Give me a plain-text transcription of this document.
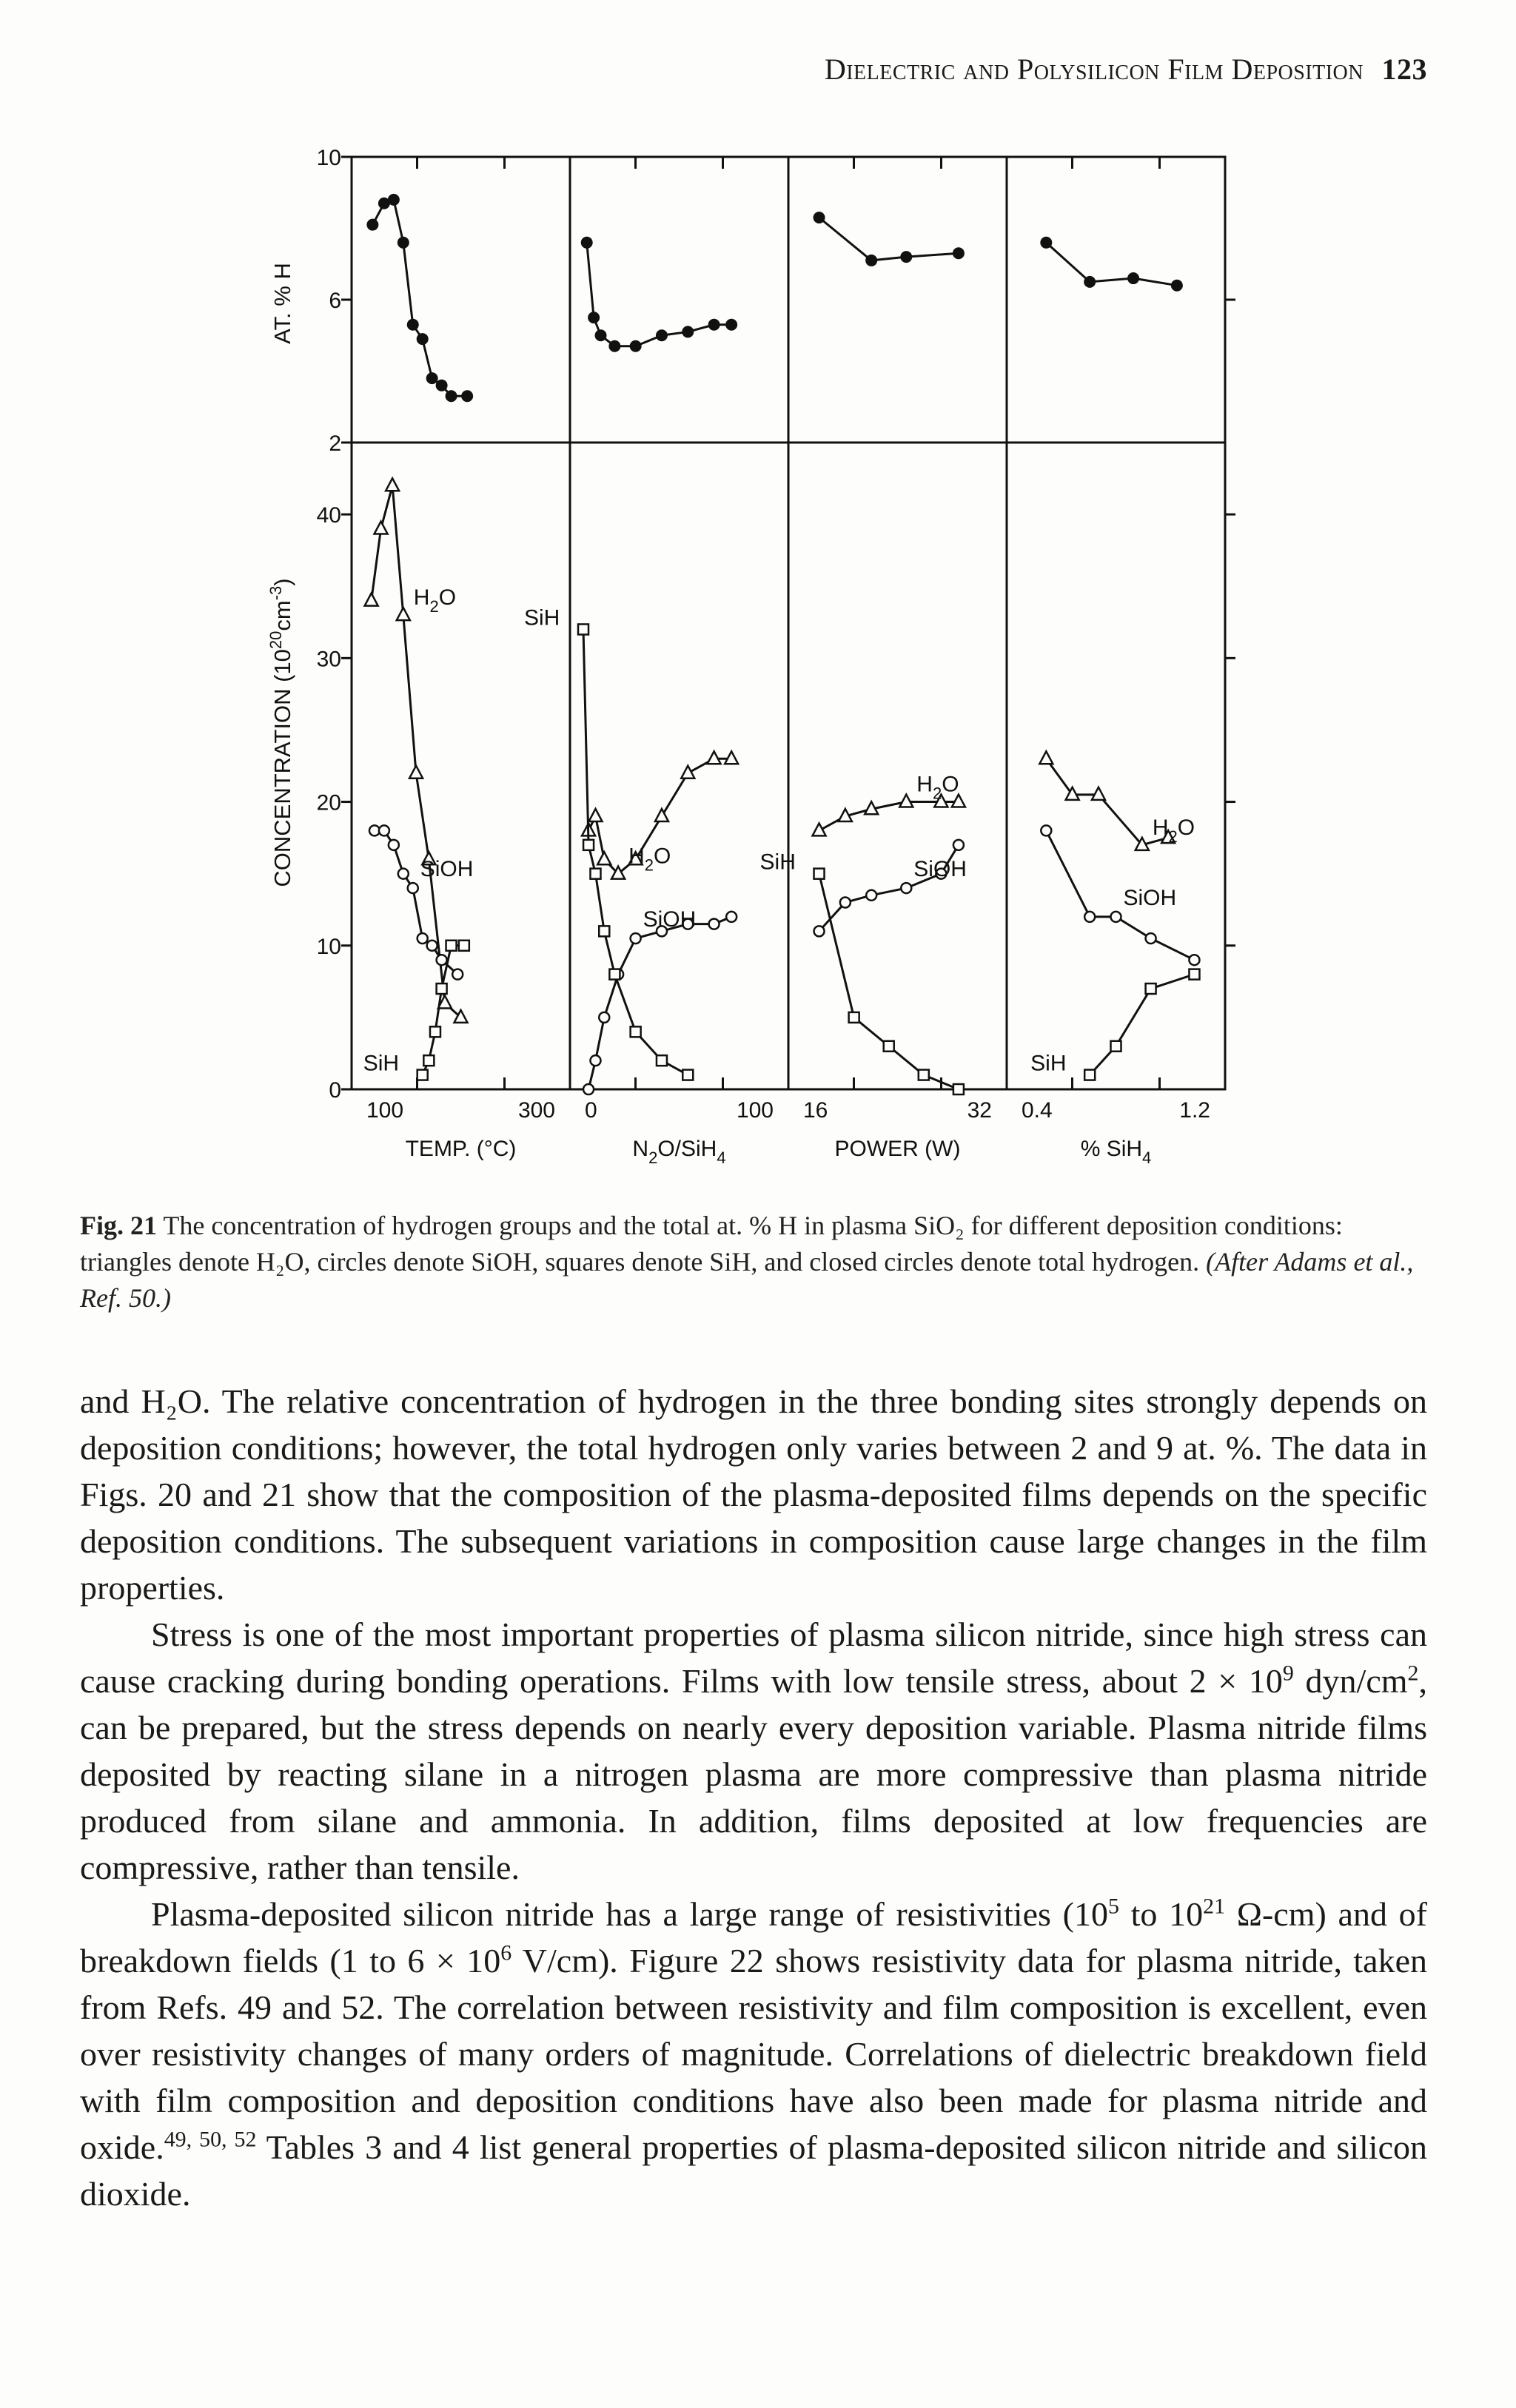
Dielectric and Polysilicon Film Deposition 123
2
6
10
10
20
30
40
0
100	300
TEMP. (°C)
$H_2O$
SiOH
SiH
0	100
$N_2O/SiH_4$
$H_2O$
SiOH
SiH
16	32
POWER (W)
$H_2O$
SiOH
SiH
0.4	1.2
% SiH$_4$
$H_2O$
SiOH
SiH
AT. % H
CONCENTRATION $(10^{20}cm^{-3})$
Fig. 21 The concentration of hydrogen groups and the total at. % H in plasma SiO₂ for different deposition conditions: triangles denote H₂O, circles denote SiOH, squares denote SiH, and closed circles denote total hydrogen. (After Adams et al., Ref. 50.)

and H₂O. The relative concentration of hydrogen in the three bonding sites strongly depends on deposition conditions; however, the total hydrogen only varies between 2 and 9 at. %. The data in Figs. 20 and 21 show that the composition of the plasma-deposited films depends on the specific deposition conditions. The subsequent variations in composition cause large changes in the film properties.

Stress is one of the most important properties of plasma silicon nitride, since high stress can cause cracking during bonding operations. Films with low tensile stress, about $2 \times 10^9$ dyn/$cm^2$, can be prepared, but the stress depends on nearly every deposition variable. Plasma nitride films deposited by reacting silane in a nitrogen plasma are more compressive than plasma nitride produced from silane and ammonia. In addition, films deposited at low frequencies are compressive, rather than tensile.

Plasma-deposited silicon nitride has a large range of resistivities ($10^5$ to $10^{21}$ Ω-cm) and of breakdown fields (1 to $6 \times 10^6$ V/cm). Figure 22 shows resistivity data for plasma nitride, taken from Refs. 49 and 52. The correlation between resistivity and film composition is excellent, even over resistivity changes of many orders of magnitude. Correlations of dielectric breakdown field with film composition and deposition conditions have also been made for plasma nitride and oxide.$^{49, 50, 52}$ Tables 3 and 4 list general properties of plasma-deposited silicon nitride and silicon dioxide.
